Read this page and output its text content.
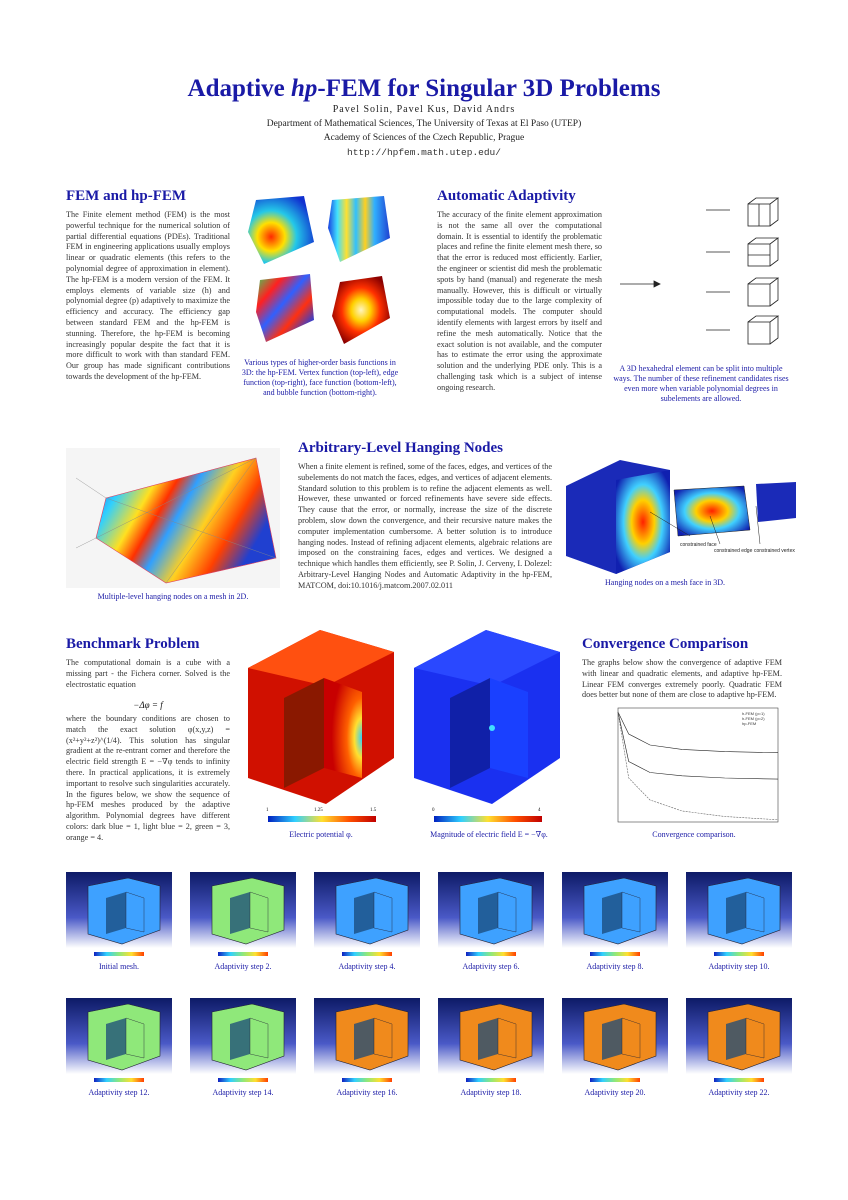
Adaptive hp-FEM for Singular 3D Problems
Pavel Solin, Pavel Kus, David Andrs
Department of Mathematical Sciences, The University of Texas at El Paso (UTEP)
Academy of Sciences of the Czech Republic, Prague
http://hpfem.math.utep.edu/
FEM and hp-FEM
The Finite element method (FEM) is the most powerful technique for the numerical solution of partial differential equations (PDEs). Traditional FEM in engineering applications usually employs linear or quadratic elements (this refers to the polynomial degree of approximation in element). The hp-FEM is a modern version of the FEM. It employs elements of variable size (h) and polynomial degree (p) adaptively to maximize the efficiency and accuracy. The efficiency gap between standard FEM and the hp-FEM is stunning. Therefore, the hp-FEM is becoming increasingly popular despite the fact that it is more difficult to work with than standard FEM. Our group has made significant contributions towards the development of the hp-FEM.
Various types of higher-order basis functions in 3D: the hp-FEM. Vertex function (top-left), edge function (top-right), face function (bottom-left), and bubble function (bottom-right).
Automatic Adaptivity
The accuracy of the finite element approximation is not the same all over the computational domain. It is essential to identify the problematic places and refine the finite element mesh there, so that the error is reduced most efficiently. Earlier, the engineer or scientist did mesh the problematic spots by hand (manual) and regenerate the mesh manually. However, this is difficult or virtually impossible today due to the large complexity of computational models. The computer should identify elements with largest errors by itself and refine the mesh automatically. Notice that the exact solution is not available, and the computer has to estimate the error using the approximate solution and the underlying PDE only. This is a challenging task which is a subject of intense ongoing research.
A 3D hexahedral element can be split into multiple ways. The number of these refinement candidates rises even more when variable polynomial degrees in subelements are allowed.
Multiple-level hanging nodes on a mesh in 2D.
Arbitrary-Level Hanging Nodes
When a finite element is refined, some of the faces, edges, and vertices of the subelements do not match the faces, edges, and vertices of adjacent elements. Standard solution to this problem is to refine the adjacent elements as well. However, these unwanted or forced refinements have severe side effects. They cause that the error, or normally, increase the size of the discrete problem, slow down the convergence, and their recursive nature makes the computer implementation cumbersome. A better solution is to introduce hanging nodes. Instead of refining adjacent elements, algebraic relations are imposed on the constraining faces, edges and vertices. We designed a technique which handles them efficiently, see P. Solin, J. Cerveny, I. Dolezel: Arbitrary-Level Hanging Nodes and Automatic Adaptivity in the hp-FEM, MATCOM, doi:10.1016/j.matcom.2007.02.011
constrained face
constrained edge constrained vertex
Hanging nodes on a mesh face in 3D.
Benchmark Problem
The computational domain is a cube with a missing part - the Fichera corner. Solved is the electrostatic equation
−Δφ = f
where the boundary conditions are chosen to match the exact solution φ(x,y,z) = (x²+y²+z²)^(1/4). This solution has singular gradient at the re-entrant corner and therefore the electric field strength E = −∇φ tends to infinity there. In practical applications, it is extremely important to resolve such singularities accurately. In the figures below, we show the sequence of hp-FEM meshes produced by the adaptive algorithm. Polynomial degrees have different colors: dark blue = 1, light blue = 2, green = 3, orange = 4.
1	1.25	1.5	0	4
Electric potential φ.	Magnitude of electric field E = −∇φ.
Convergence Comparison
The graphs below show the convergence of adaptive FEM with linear and quadratic elements, and adaptive hp-FEM. Linear FEM converges extremely poorly. Quadratic FEM does better but none of them are close to adaptive hp-FEM.
h-FEM (p=1)
h-FEM (p=2)
hp-FEM
Convergence comparison.
Initial mesh.	Adaptivity step 2.	Adaptivity step 4.	Adaptivity step 6.	Adaptivity step 8.	Adaptivity step 10.
Adaptivity step 12.	Adaptivity step 14.	Adaptivity step 16.	Adaptivity step 18.	Adaptivity step 20.	Adaptivity step 22.
